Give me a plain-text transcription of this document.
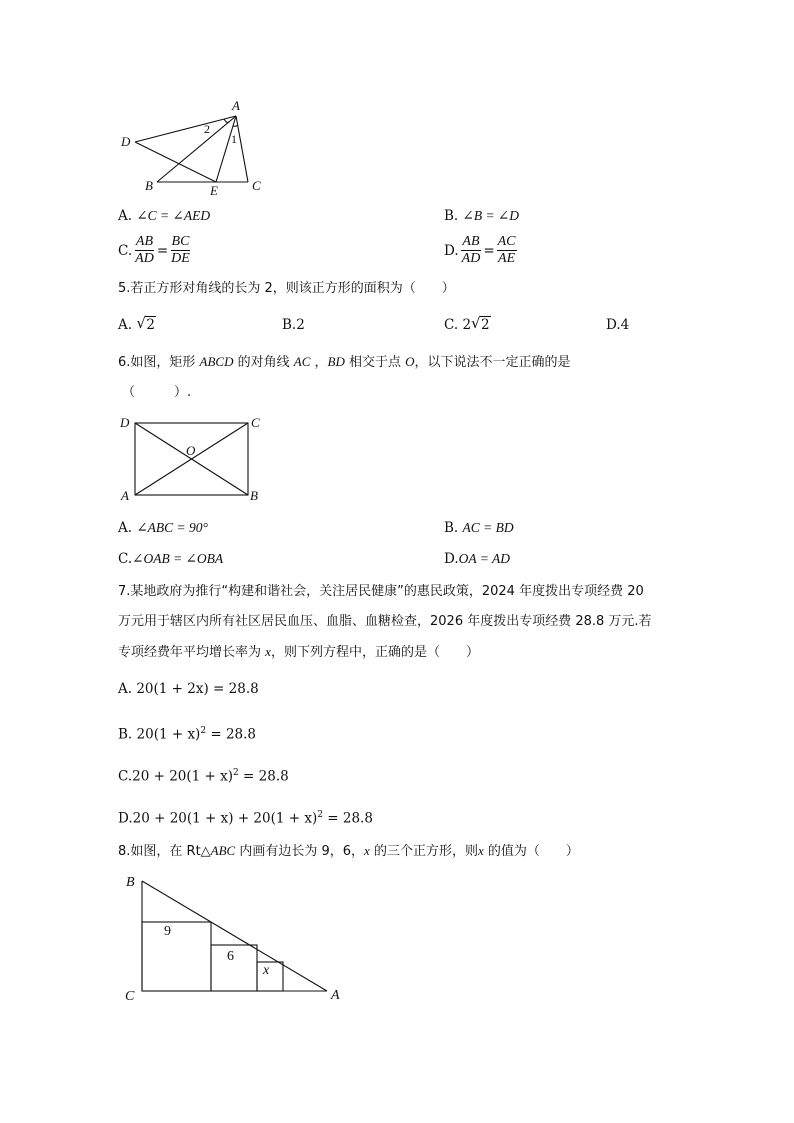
A
D
B	E	C
2
1
A. ∠C = ∠AED	B. ∠B = ∠D
C. $\frac{AB}{AD} = \frac{BC}{DE}$	D. $\frac{AB}{AD} = \frac{AC}{AE}$
5.若正方形对角线的长为 2，则该正方形的面积为（　　）
A. √ 2	B.2	C. 2 √ 2	D.4
6.如图，矩形 ABCD 的对角线 AC ，BD 相交于点 O，以下说法不一定正确的是
（　　　）.
D	C
A	B
O
A. ∠ABC = 90°	B. AC = BD
C.∠OAB = ∠OBA	D.OA = AD
7.某地政府为推行“构建和谐社会，关注居民健康”的惠民政策，2024 年度拨出专项经费 20
万元用于辖区内所有社区居民血压、血脂、血糖检查，2026 年度拨出专项经费 28.8 万元.若
专项经费年平均增长率为 x，则下列方程中，正确的是（　　）
A. 20(1 + 2x) = 28.8
B. $20(1 + x)^2 = 28.8$
$C.20 + 20(1 + x)^2 = 28.8$
$D.20 + 20(1 + x) + 20(1 + x)^2 = 28.8$
8.如图，在 Rt△ABC 内画有边长为 9，6，x 的三个正方形，则x 的值为（　　）
9
6
x
B
C	A
